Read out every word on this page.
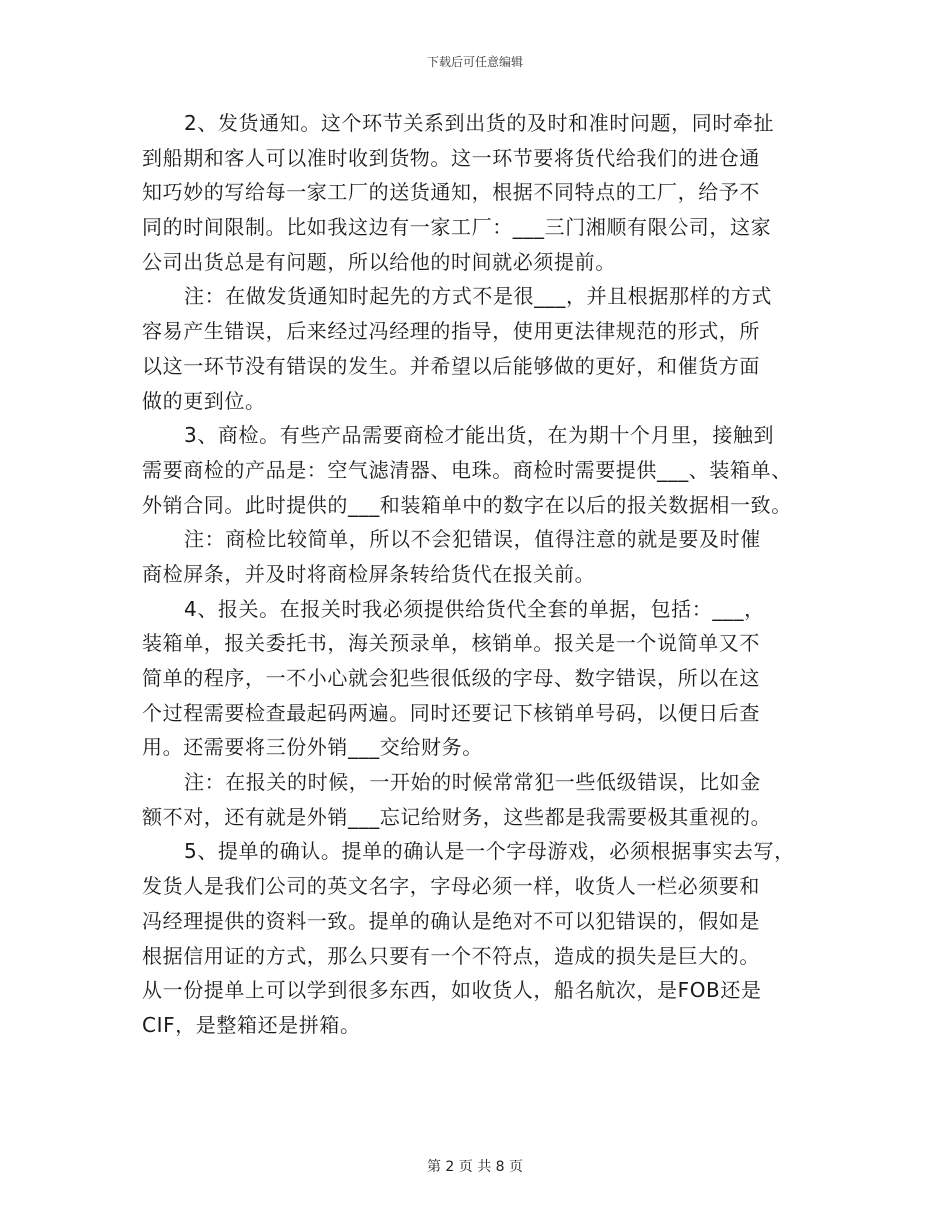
下载后可任意编辑
2、发货通知。这个环节关系到出货的及时和准时问题，同时牵扯
到船期和客人可以准时收到货物。这一环节要将货代给我们的进仓通
知巧妙的写给每一家工厂的送货通知，根据不同特点的工厂，给予不
同的时间限制。比如我这边有一家工厂：___三门湘顺有限公司，这家
公司出货总是有问题，所以给他的时间就必须提前。
注：在做发货通知时起先的方式不是很___，并且根据那样的方式
容易产生错误，后来经过冯经理的指导，使用更法律规范的形式，所
以这一环节没有错误的发生。并希望以后能够做的更好，和催货方面
做的更到位。
3、商检。有些产品需要商检才能出货，在为期十个月里，接触到
需要商检的产品是：空气滤清器、电珠。商检时需要提供___、装箱单、
外销合同。此时提供的___和装箱单中的数字在以后的报关数据相一致。
注：商检比较简单，所以不会犯错误，值得注意的就是要及时催
商检屏条，并及时将商检屏条转给货代在报关前。
4、报关。在报关时我必须提供给货代全套的单据，包括：___，
装箱单，报关委托书，海关预录单，核销单。报关是一个说简单又不
简单的程序，一不小心就会犯些很低级的字母、数字错误，所以在这
个过程需要检查最起码两遍。同时还要记下核销单号码，以便日后查
用。还需要将三份外销___交给财务。
注：在报关的时候，一开始的时候常常犯一些低级错误，比如金
额不对，还有就是外销___忘记给财务，这些都是我需要极其重视的。
5、提单的确认。提单的确认是一个字母游戏，必须根据事实去写，
发货人是我们公司的英文名字，字母必须一样，收货人一栏必须要和
冯经理提供的资料一致。提单的确认是绝对不可以犯错误的，假如是
根据信用证的方式，那么只要有一个不符点，造成的损失是巨大的。
从一份提单上可以学到很多东西，如收货人，船名航次，是FOB还是
CIF，是整箱还是拼箱。
第 2 页 共 8 页
